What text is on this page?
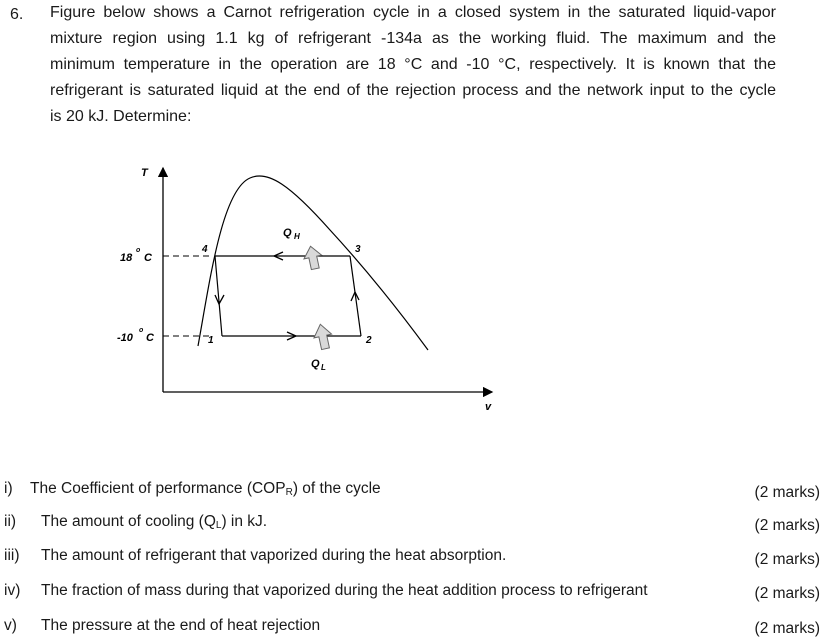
6. Figure below shows a Carnot refrigeration cycle in a closed system in the saturated liquid-vapor
mixture region using 1.1 kg of refrigerant -134a as the working fluid. The maximum and the
minimum temperature in the operation are 18 °C and -10 °C, respectively. It is known that the
refrigerant is saturated liquid at the end of the rejection process and the network input to the cycle
is 20 kJ. Determine:
T
v
18
o
C
-10
o
C
Q H
Q L
1	2
3
4
i) The Coefficient of performance $(COP_R)$ of the cycle	(2 marks)
ii) The amount of cooling $(Q_L)$ in kJ.	(2 marks)
iii) The amount of refrigerant that vaporized during the heat absorption.	(2 marks)
iv) The fraction of mass during that vaporized during the heat addition process to refrigerant	(2 marks)
v) The pressure at the end of heat rejection	(2 marks)
